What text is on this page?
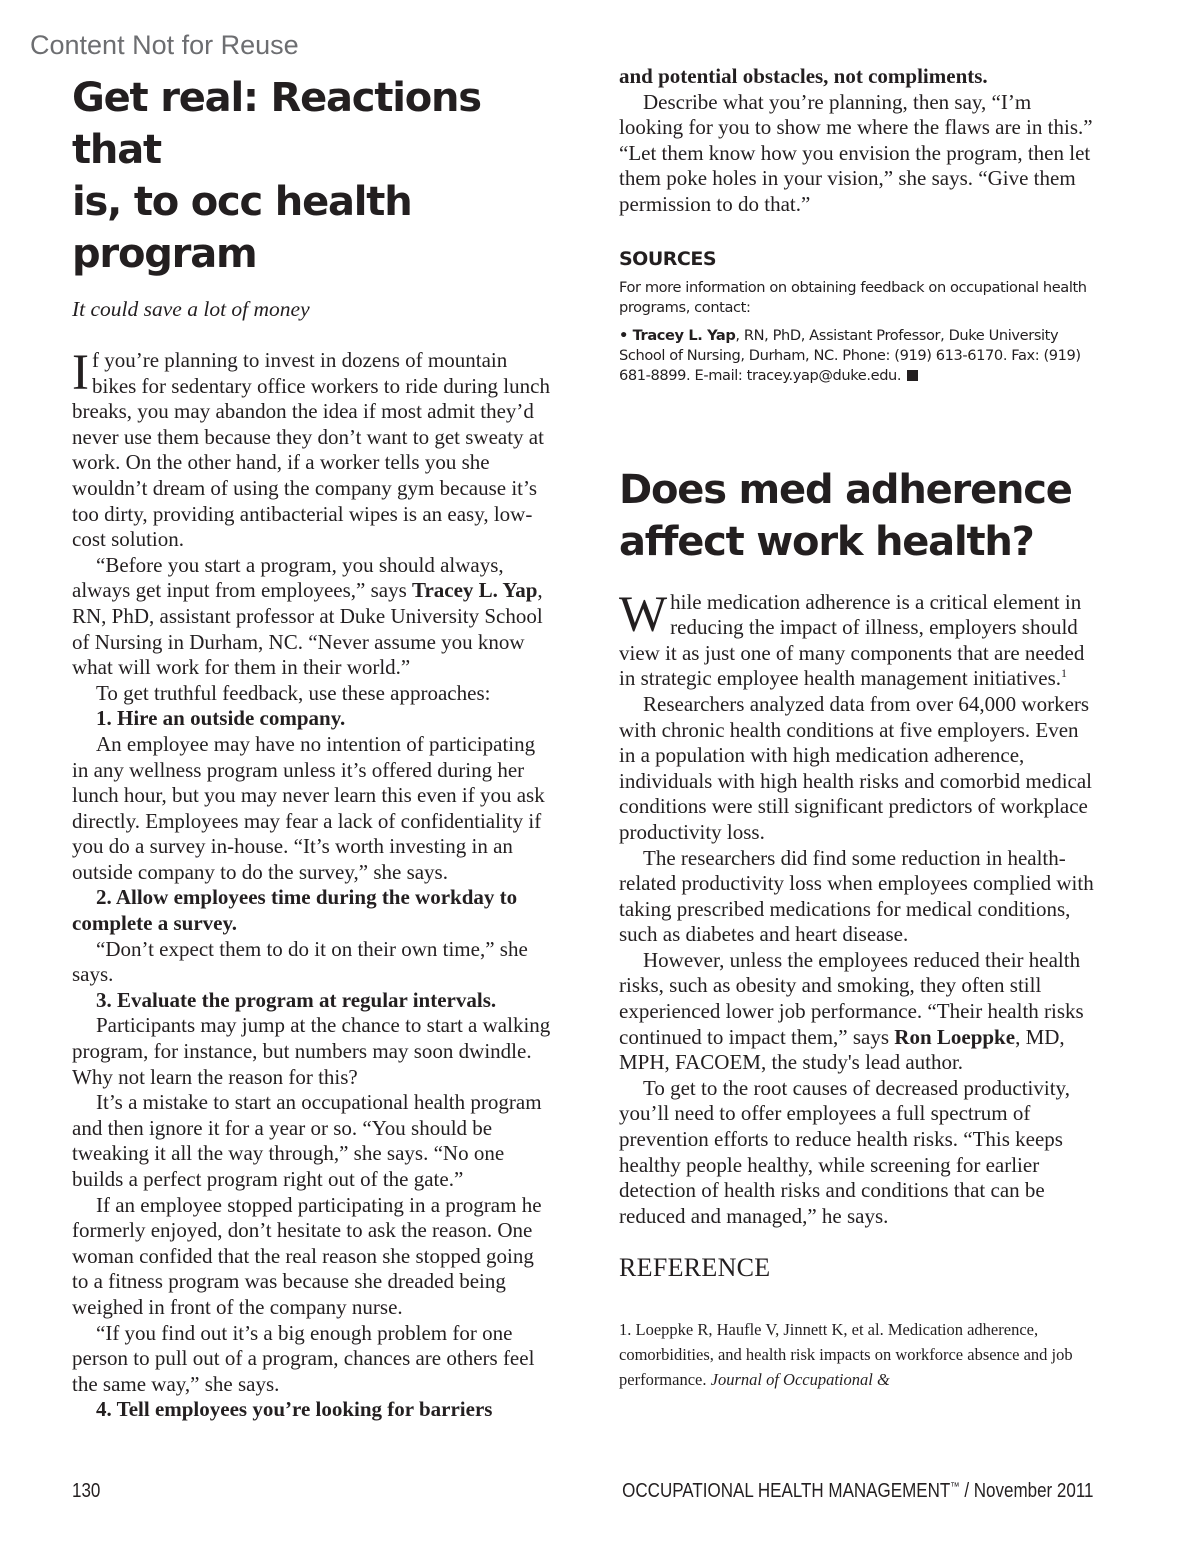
Content Not for Reuse
Get real: Reactions that
is, to occ health program
It could save a lot of money

If you’re planning to invest in dozens of mountain bikes for sedentary office workers to ride during lunch breaks, you may abandon the idea if most admit they’d never use them because they don’t want to get sweaty at work. On the other hand, if a worker tells you she wouldn’t dream of using the company gym because it’s too dirty, providing antibacterial wipes is an easy, low-cost solution.

“Before you start a program, you should always, always get input from employees,” says Tracey L. Yap, RN, PhD, assistant professor at Duke University School of Nursing in Durham, NC. “Never assume you know what will work for them in their world.”

To get truthful feedback, use these approaches:

1. Hire an outside company.

An employee may have no intention of participating in any wellness program unless it’s offered during her lunch hour, but you may never learn this even if you ask directly. Employees may fear a lack of confidentiality if you do a survey in-house. “It’s worth investing in an outside company to do the survey,” she says.

2. Allow employees time during the workday to complete a survey.

“Don’t expect them to do it on their own time,” she says.

3. Evaluate the program at regular intervals.

Participants may jump at the chance to start a walking program, for instance, but numbers may soon dwindle. Why not learn the reason for this?

It’s a mistake to start an occupational health program and then ignore it for a year or so. “You should be tweaking it all the way through,” she says. “No one builds a perfect program right out of the gate.”

If an employee stopped participating in a program he formerly enjoyed, don’t hesitate to ask the reason. One woman confided that the real reason she stopped going to a fitness program was because she dreaded being weighed in front of the company nurse.

“If you find out it’s a big enough problem for one person to pull out of a program, chances are others feel the same way,” she says.

4. Tell employees you’re looking for barriers

and potential obstacles, not compliments.

Describe what you’re planning, then say, “I’m looking for you to show me where the flaws are in this.” “Let them know how you envision the program, then let them poke holes in your vision,” she says. “Give them permission to do that.”

SOURCES

For more information on obtaining feedback on occupational health programs, contact:

• Tracey L. Yap, RN, PhD, Assistant Professor, Duke University School of Nursing, Durham, NC. Phone: (919) 613-6170. Fax: (919) 681-8899. E-mail: tracey.yap@duke.edu.

Does med adherence
affect work health?

While medication adherence is a critical element in reducing the impact of illness, employers should view it as just one of many components that are needed in strategic employee health management initiatives.$^1$

Researchers analyzed data from over 64,000 workers with chronic health conditions at five employers. Even in a population with high medication adherence, individuals with high health risks and comorbid medical conditions were still significant predictors of workplace productivity loss.

The researchers did find some reduction in health-related productivity loss when employees complied with taking prescribed medications for medical conditions, such as diabetes and heart disease.

However, unless the employees reduced their health risks, such as obesity and smoking, they often still experienced lower job performance. “Their health risks continued to impact them,” says Ron Loeppke, MD, MPH, FACOEM, the study's lead author.

To get to the root causes of decreased productivity, you’ll need to offer employees a full spectrum of prevention efforts to reduce health risks. “This keeps healthy people healthy, while screening for earlier detection of health risks and conditions that can be reduced and managed,” he says.

REFERENCE

1. Loeppke R, Haufle V, Jinnett K, et al. Medication adherence, comorbidities, and health risk impacts on workforce absence and job performance. Journal of Occupational &

130	OCCUPATIONAL HEALTH MANAGEMENT™ / November 2011
